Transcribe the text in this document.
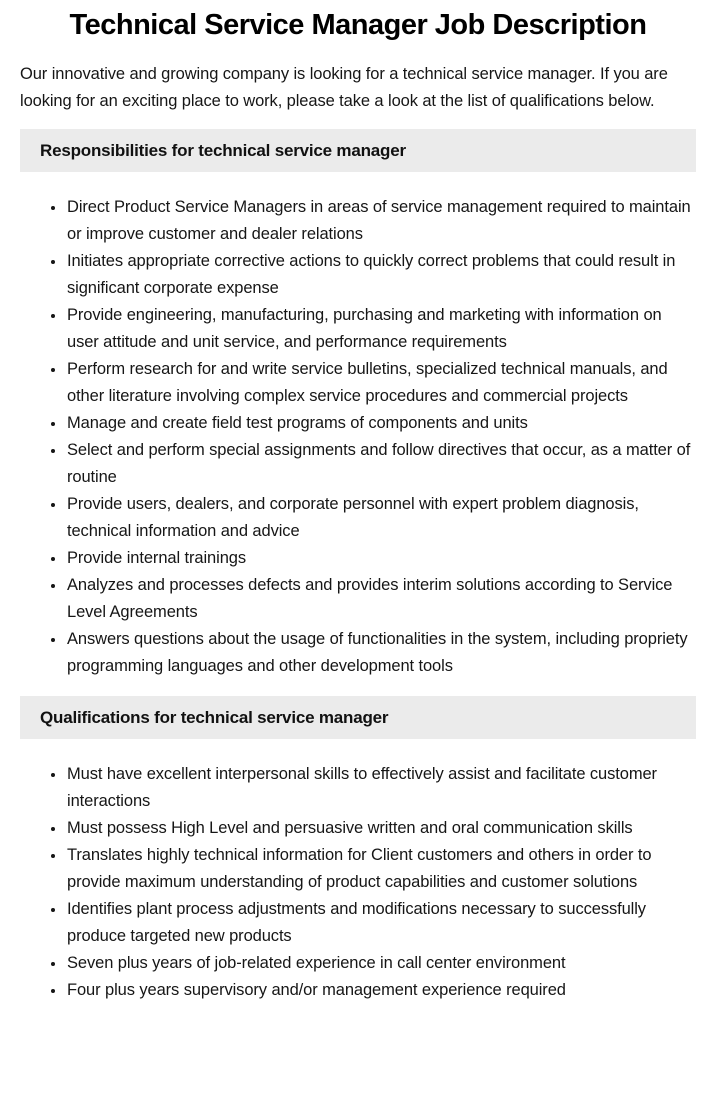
Technical Service Manager Job Description

Our innovative and growing company is looking for a technical service manager. If you are looking for an exciting place to work, please take a look at the list of qualifications below.

Responsibilities for technical service manager
• Direct Product Service Managers in areas of service management required to maintain or improve customer and dealer relations
• Initiates appropriate corrective actions to quickly correct problems that could result in significant corporate expense
• Provide engineering, manufacturing, purchasing and marketing with information on user attitude and unit service, and performance requirements
• Perform research for and write service bulletins, specialized technical manuals, and other literature involving complex service procedures and commercial projects
• Manage and create field test programs of components and units
• Select and perform special assignments and follow directives that occur, as a matter of routine
• Provide users, dealers, and corporate personnel with expert problem diagnosis, technical information and advice
• Provide internal trainings
• Analyzes and processes defects and provides interim solutions according to Service Level Agreements
• Answers questions about the usage of functionalities in the system, including propriety programming languages and other development tools
Qualifications for technical service manager
• Must have excellent interpersonal skills to effectively assist and facilitate customer interactions
• Must possess High Level and persuasive written and oral communication skills
• Translates highly technical information for Client customers and others in order to provide maximum understanding of product capabilities and customer solutions
• Identifies plant process adjustments and modifications necessary to successfully produce targeted new products
• Seven plus years of job-related experience in call center environment
• Four plus years supervisory and/or management experience required
